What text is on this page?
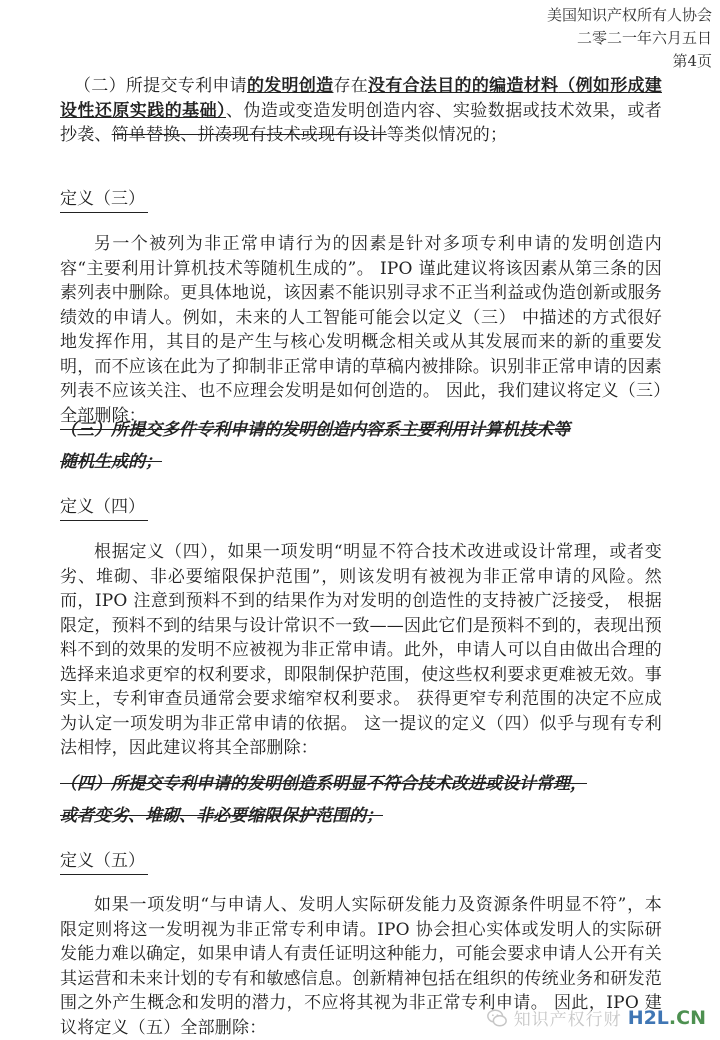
美国知识产权所有人协会
二零二一年六月五日
第4页

（二）所提交专利申请的发明创造存在没有合法目的的编造材料（例如形成建设性还原实践的基础）、伪造或变造发明创造内容、实验数据或技术效果，或者抄袭、简单替换、拼凑现有技术或现有设计等类似情况的；

定义（三）

另一个被列为非正常申请行为的因素是针对多项专利申请的发明创造内容“主要利用计算机技术等随机生成的”。 IPO 谨此建议将该因素从第三条的因素列表中删除。更具体地说，该因素不能识别寻求不正当利益或伪造创新或服务绩效的申请人。例如，未来的人工智能可能会以定义（三） 中描述的方式很好地发挥作用，其目的是产生与核心发明概念相关或从其发展而来的新的重要发明，而不应该在此为了抑制非正常申请的草稿内被排除。识别非正常申请的因素列表不应该关注、也不应理会发明是如何创造的。 因此，我们建议将定义（三）全部删除：

（三）所提交多件专利申请的发明创造内容系主要利用计算机技术等
随机生成的；
定义（四）

根据定义（四），如果一项发明“明显不符合技术改进或设计常理，或者变劣、堆砌、非必要缩限保护范围”，则该发明有被视为非正常申请的风险。然而，IPO 注意到预料不到的结果作为对发明的创造性的支持被广泛接受， 根据限定，预料不到的结果与设计常识不一致——因此它们是预料不到的，表现出预料不到的效果的发明不应被视为非正常申请。此外，申请人可以自由做出合理的选择来追求更窄的权利要求，即限制保护范围，使这些权利要求更难被无效。事实上，专利审查员通常会要求缩窄权利要求。 获得更窄专利范围的决定不应成为认定一项发明为非正常申请的依据。 这一提议的定义（四）似乎与现有专利法相悖，因此建议将其全部删除：

（四）所提交专利申请的发明创造系明显不符合技术改进或设计常理，
或者变劣、堆砌、非必要缩限保护范围的；
定义（五）

如果一项发明“与申请人、发明人实际研发能力及资源条件明显不符”，本限定则将这一发明视为非正常专利申请。IPO 协会担心实体或发明人的实际研发能力难以确定，如果申请人有责任证明这种能力，可能会要求申请人公开有关其运营和未来计划的专有和敏感信息。创新精神包括在组织的传统业务和研发范围之外产生概念和发明的潜力，不应将其视为非正常专利申请。 因此，IPO 建议将定义（五）全部删除：	知识产权行财 H2L.CN
